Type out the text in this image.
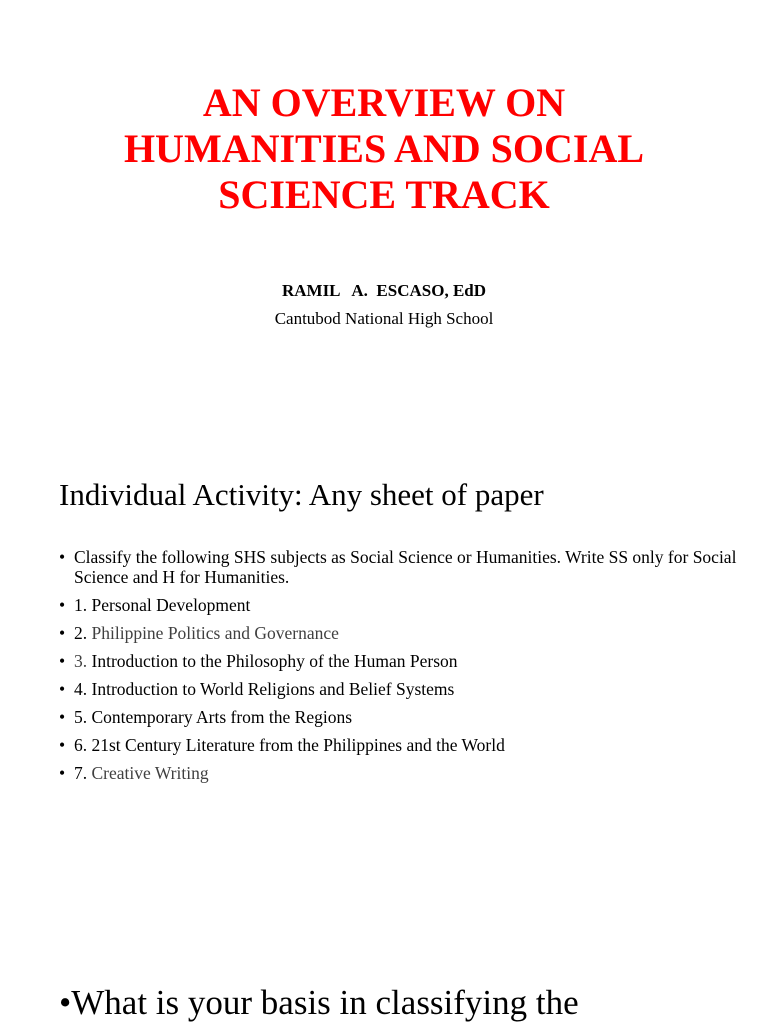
AN OVERVIEW ON
HUMANITIES AND SOCIAL
SCIENCE TRACK
RAMIL   A.  ESCASO, EdD
Cantubod National High School
Individual Activity: Any sheet of paper
• Classify the following SHS subjects as Social Science or Humanities. Write SS only for Social Science and H for Humanities.
• 1. Personal Development
• 2. Philippine Politics and Governance
• 3. Introduction to the Philosophy of the Human Person
• 4. Introduction to World Religions and Belief Systems
• 5. Contemporary Arts from the Regions
• 6. 21st Century Literature from the Philippines and the World
• 7. Creative Writing
•What is your basis in classifying the
